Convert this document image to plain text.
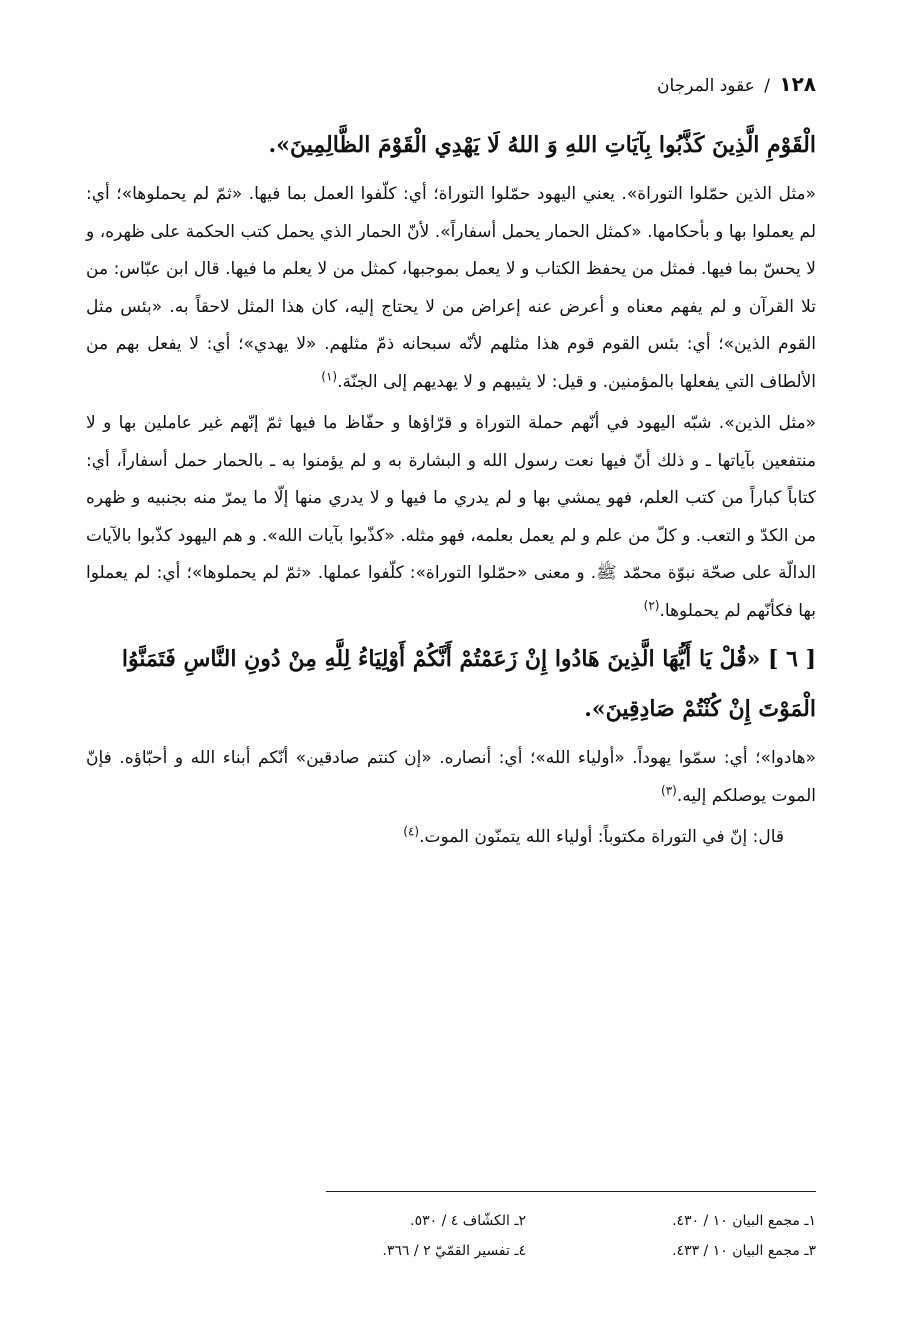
١٢٨ / عقود المرجان

الْقَوْمِ الَّذِينَ كَذَّبُوا بِآيَاتِ اللهِ وَ اللهُ لَا يَهْدِي الْقَوْمَ الظَّالِمِينَ».

«مثل الذين حمّلوا التوراة». يعني اليهود حمّلوا التوراة؛ أي: كلّفوا العمل بما فيها. «ثمّ لم يحملوها»؛ أي: لم يعملوا بها و بأحكامها. «كمثل الحمار يحمل أسفاراً». لأنّ الحمار الذي يحمل كتب الحكمة على ظهره، و لا يحسّ بما فيها. فمثل من يحفظ الكتاب و لا يعمل بموجبها، كمثل من لا يعلم ما فيها. قال ابن عبّاس: من تلا القرآن و لم يفهم معناه و أعرض عنه إعراض من لا يحتاج إليه، كان هذا المثل لاحقاً به. «بئس مثل القوم الذين»؛ أي: بئس القوم قوم هذا مثلهم لأنّه سبحانه ذمّ مثلهم. «لا يهدي»؛ أي: لا يفعل بهم من الألطاف التي يفعلها بالمؤمنين. و قيل: لا يثيبهم و لا يهديهم إلى الجنّة.$^{(١)}$

«مثل الذين». شبّه اليهود في أنّهم حملة التوراة و قرّاؤها و حفّاظ ما فيها ثمّ إنّهم غير عاملين بها و لا منتفعين بآياتها ـ و ذلك أنّ فيها نعت رسول الله و البشارة به و لم يؤمنوا به ـ بالحمار حمل أسفاراً، أي: كتاباً كباراً من كتب العلم، فهو يمشي بها و لم يدري ما فيها و لا يدري منها إلّا ما يمرّ منه بجنبيه و ظهره من الكدّ و التعب. و كلّ من علم و لم يعمل بعلمه، فهو مثله. «كذّبوا بآيات الله». و هم اليهود كذّبوا بالآيات الدالّة على صحّة نبوّة محمّد ﷺ. و معنى «حمّلوا التوراة»: كلّفوا عملها. «ثمّ لم يحملوها»؛ أي: لم يعملوا بها فكأنّهم لم يحملوها.$^{(٢)}$

[ ٦ ] «قُلْ يَا أَيُّهَا الَّذِينَ هَادُوا إِنْ زَعَمْتُمْ أَنَّكُمْ أَوْلِيَاءُ لِلَّهِ مِنْ دُونِ النَّاسِ فَتَمَنَّوُا الْمَوْتَ إِنْ كُنْتُمْ صَادِقِينَ».

«هادوا»؛ أي: سمّوا يهوداً. «أولياء الله»؛ أي: أنصاره. «إن كنتم صادقين» أنّكم أبناء الله و أحبّاؤه. فإنّ الموت يوصلكم إليه.$^{(٣)}$

قال: إنّ في التوراة مكتوباً: أولياء الله يتمنّون الموت.$^{(٤)}$

١ـ مجمع البيان ١٠ / ٤٣٠.
٢ـ الكشّاف ٤ / ٥٣٠.
٣ـ مجمع البيان ١٠ / ٤٣٣.
٤ـ تفسير القمّيّ ٢ / ٣٦٦.
